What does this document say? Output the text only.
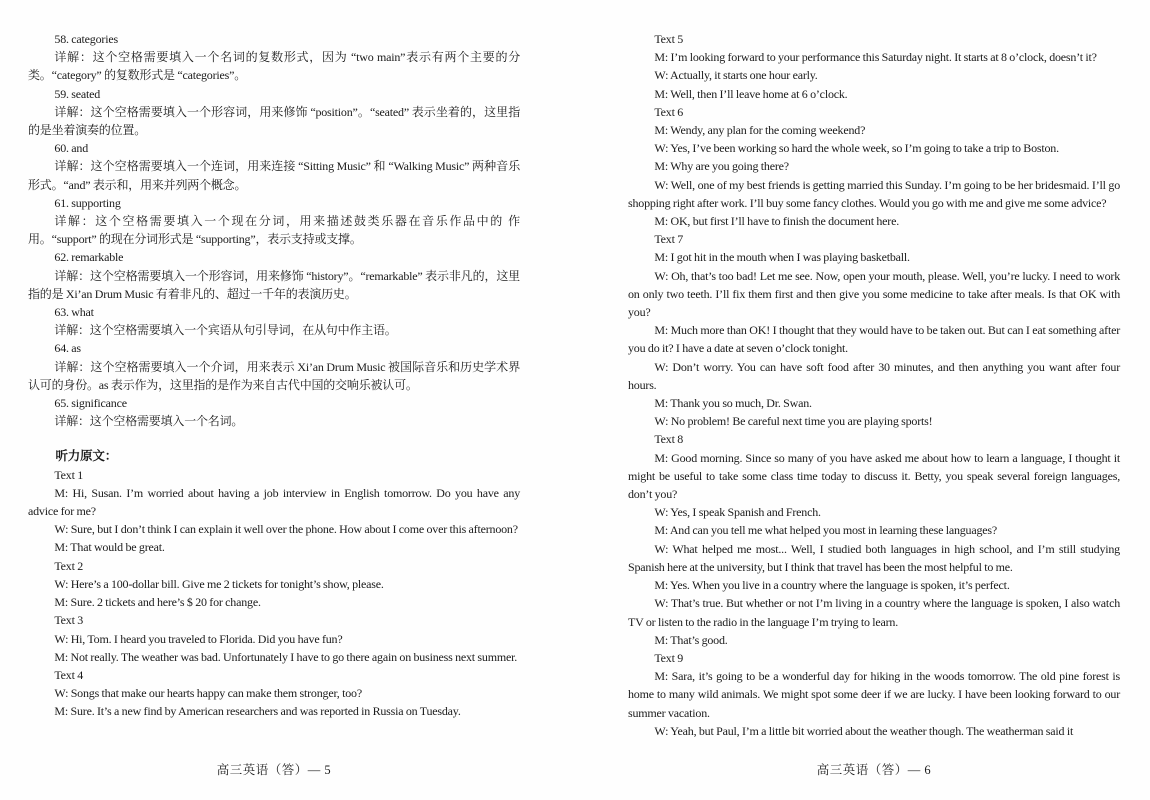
58. categories

详解：这个空格需要填入一个名词的复数形式，因为 “two main”表示有两个主要的分类。“category” 的复数形式是 “categories”。

59. seated

详解：这个空格需要填入一个形容词，用来修饰 “position”。“seated” 表示坐着的，这里指的是坐着演奏的位置。

60. and

详解：这个空格需要填入一个连词，用来连接 “Sitting Music” 和 “Walking Music” 两种音乐形式。“and” 表示和，用来并列两个概念。

61. supporting

详解：这个空格需要填入一个现在分词，用来描述鼓类乐器在音乐作品中的 作用。“support” 的现在分词形式是 “supporting”，表示支持或支撑。

62. remarkable

详解：这个空格需要填入一个形容词，用来修饰 “history”。“remarkable” 表示非凡的，这里指的是 Xi’an Drum Music 有着非凡的、超过一千年的表演历史。

63. what

详解：这个空格需要填入一个宾语从句引导词，在从句中作主语。

64. as

详解：这个空格需要填入一个介词，用来表示 Xi’an Drum Music 被国际音乐和历史学术界认可的身份。as 表示作为，这里指的是作为来自古代中国的交响乐被认可。

65. significance

详解：这个空格需要填入一个名词。

听力原文：

Text 1

M: Hi, Susan. I’m worried about having a job interview in English tomorrow. Do you have any advice for me?

W: Sure, but I don’t think I can explain it well over the phone. How about I come over this afternoon?

M: That would be great.

Text 2

W: Here’s a 100-dollar bill. Give me 2 tickets for tonight’s show, please.

M: Sure. 2 tickets and here’s $ 20 for change.

Text 3

W: Hi, Tom. I heard you traveled to Florida. Did you have fun?

M: Not really. The weather was bad. Unfortunately I have to go there again on business next summer.

Text 4

W: Songs that make our hearts happy can make them stronger, too?

M: Sure. It’s a new find by American researchers and was reported in Russia on Tuesday.

高三英语（答）— 5

Text 5

M: I’m looking forward to your performance this Saturday night. It starts at 8 o’clock, doesn’t it?

W: Actually, it starts one hour early.

M: Well, then I’ll leave home at 6 o’clock.

Text 6

M: Wendy, any plan for the coming weekend?

W: Yes, I’ve been working so hard the whole week, so I’m going to take a trip to Boston.

M: Why are you going there?

W: Well, one of my best friends is getting married this Sunday. I’m going to be her bridesmaid. I’ll go shopping right after work. I’ll buy some fancy clothes. Would you go with me and give me some advice?

M: OK, but first I’ll have to finish the document here.

Text 7

M: I got hit in the mouth when I was playing basketball.

W: Oh, that’s too bad! Let me see. Now, open your mouth, please. Well, you’re lucky. I need to work on only two teeth. I’ll fix them first and then give you some medicine to take after meals. Is that OK with you?

M: Much more than OK! I thought that they would have to be taken out. But can I eat something after you do it? I have a date at seven o’clock tonight.

W: Don’t worry. You can have soft food after 30 minutes, and then anything you want after four hours.

M: Thank you so much, Dr. Swan.

W: No problem! Be careful next time you are playing sports!

Text 8

M: Good morning. Since so many of you have asked me about how to learn a language, I thought it might be useful to take some class time today to discuss it. Betty, you speak several foreign languages, don’t you?

W: Yes, I speak Spanish and French.

M: And can you tell me what helped you most in learning these languages?

W: What helped me most... Well, I studied both languages in high school, and I’m still studying Spanish here at the university, but I think that travel has been the most helpful to me.

M: Yes. When you live in a country where the language is spoken, it’s perfect.

W: That’s true. But whether or not I’m living in a country where the language is spoken, I also watch TV or listen to the radio in the language I’m trying to learn.

M: That’s good.

Text 9

M: Sara, it’s going to be a wonderful day for hiking in the woods tomorrow. The old pine forest is home to many wild animals. We might spot some deer if we are lucky. I have been looking forward to our summer vacation.

W: Yeah, but Paul, I’m a little bit worried about the weather though. The weatherman said it

高三英语（答）— 6
